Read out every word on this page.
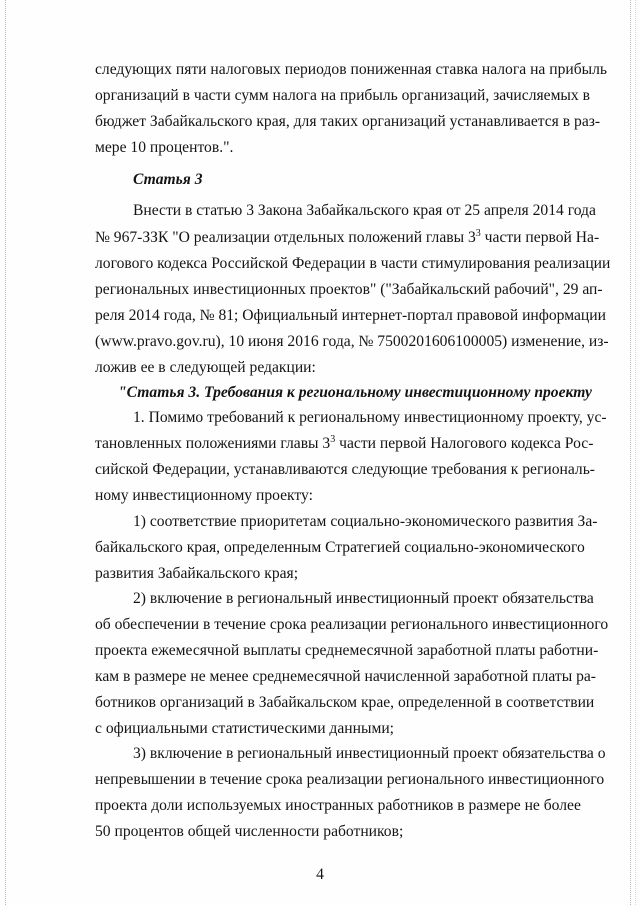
следующих пяти налоговых периодов пониженная ставка налога на прибыль

организаций в части сумм налога на прибыль организаций, зачисляемых в

бюджет Забайкальского края, для таких организаций устанавливается в раз-

мере 10 процентов.".

Статья 3

Внести в статью 3 Закона Забайкальского края от 25 апреля 2014 года

№ 967-ЗЗК "О реализации отдельных положений главы $3^3$ части первой На-

логового кодекса Российской Федерации в части стимулирования реализации

региональных инвестиционных проектов" ("Забайкальский рабочий", 29 ап-

реля 2014 года, № 81; Официальный интернет-портал правовой информации

(www.pravo.gov.ru), 10 июня 2016 года, № 7500201606100005) изменение, из-

ложив ее в следующей редакции:

"Статья 3. Требования к региональному инвестиционному проекту

1. Помимо требований к региональному инвестиционному проекту, ус-

тановленных положениями главы $3^3$ части первой Налогового кодекса Рос-

сийской Федерации, устанавливаются следующие требования к региональ-

ному инвестиционному проекту:

1) соответствие приоритетам социально-экономического развития За-

байкальского края, определенным Стратегией социально-экономического

развития Забайкальского края;

2) включение в региональный инвестиционный проект обязательства

об обеспечении в течение срока реализации регионального инвестиционного

проекта ежемесячной выплаты среднемесячной заработной платы работни-

кам в размере не менее среднемесячной начисленной заработной платы ра-

ботников организаций в Забайкальском крае, определенной в соответствии

с официальными статистическими данными;

3) включение в региональный инвестиционный проект обязательства о

непревышении в течение срока реализации регионального инвестиционного

проекта доли используемых иностранных работников в размере не более

50 процентов общей численности работников;

4
